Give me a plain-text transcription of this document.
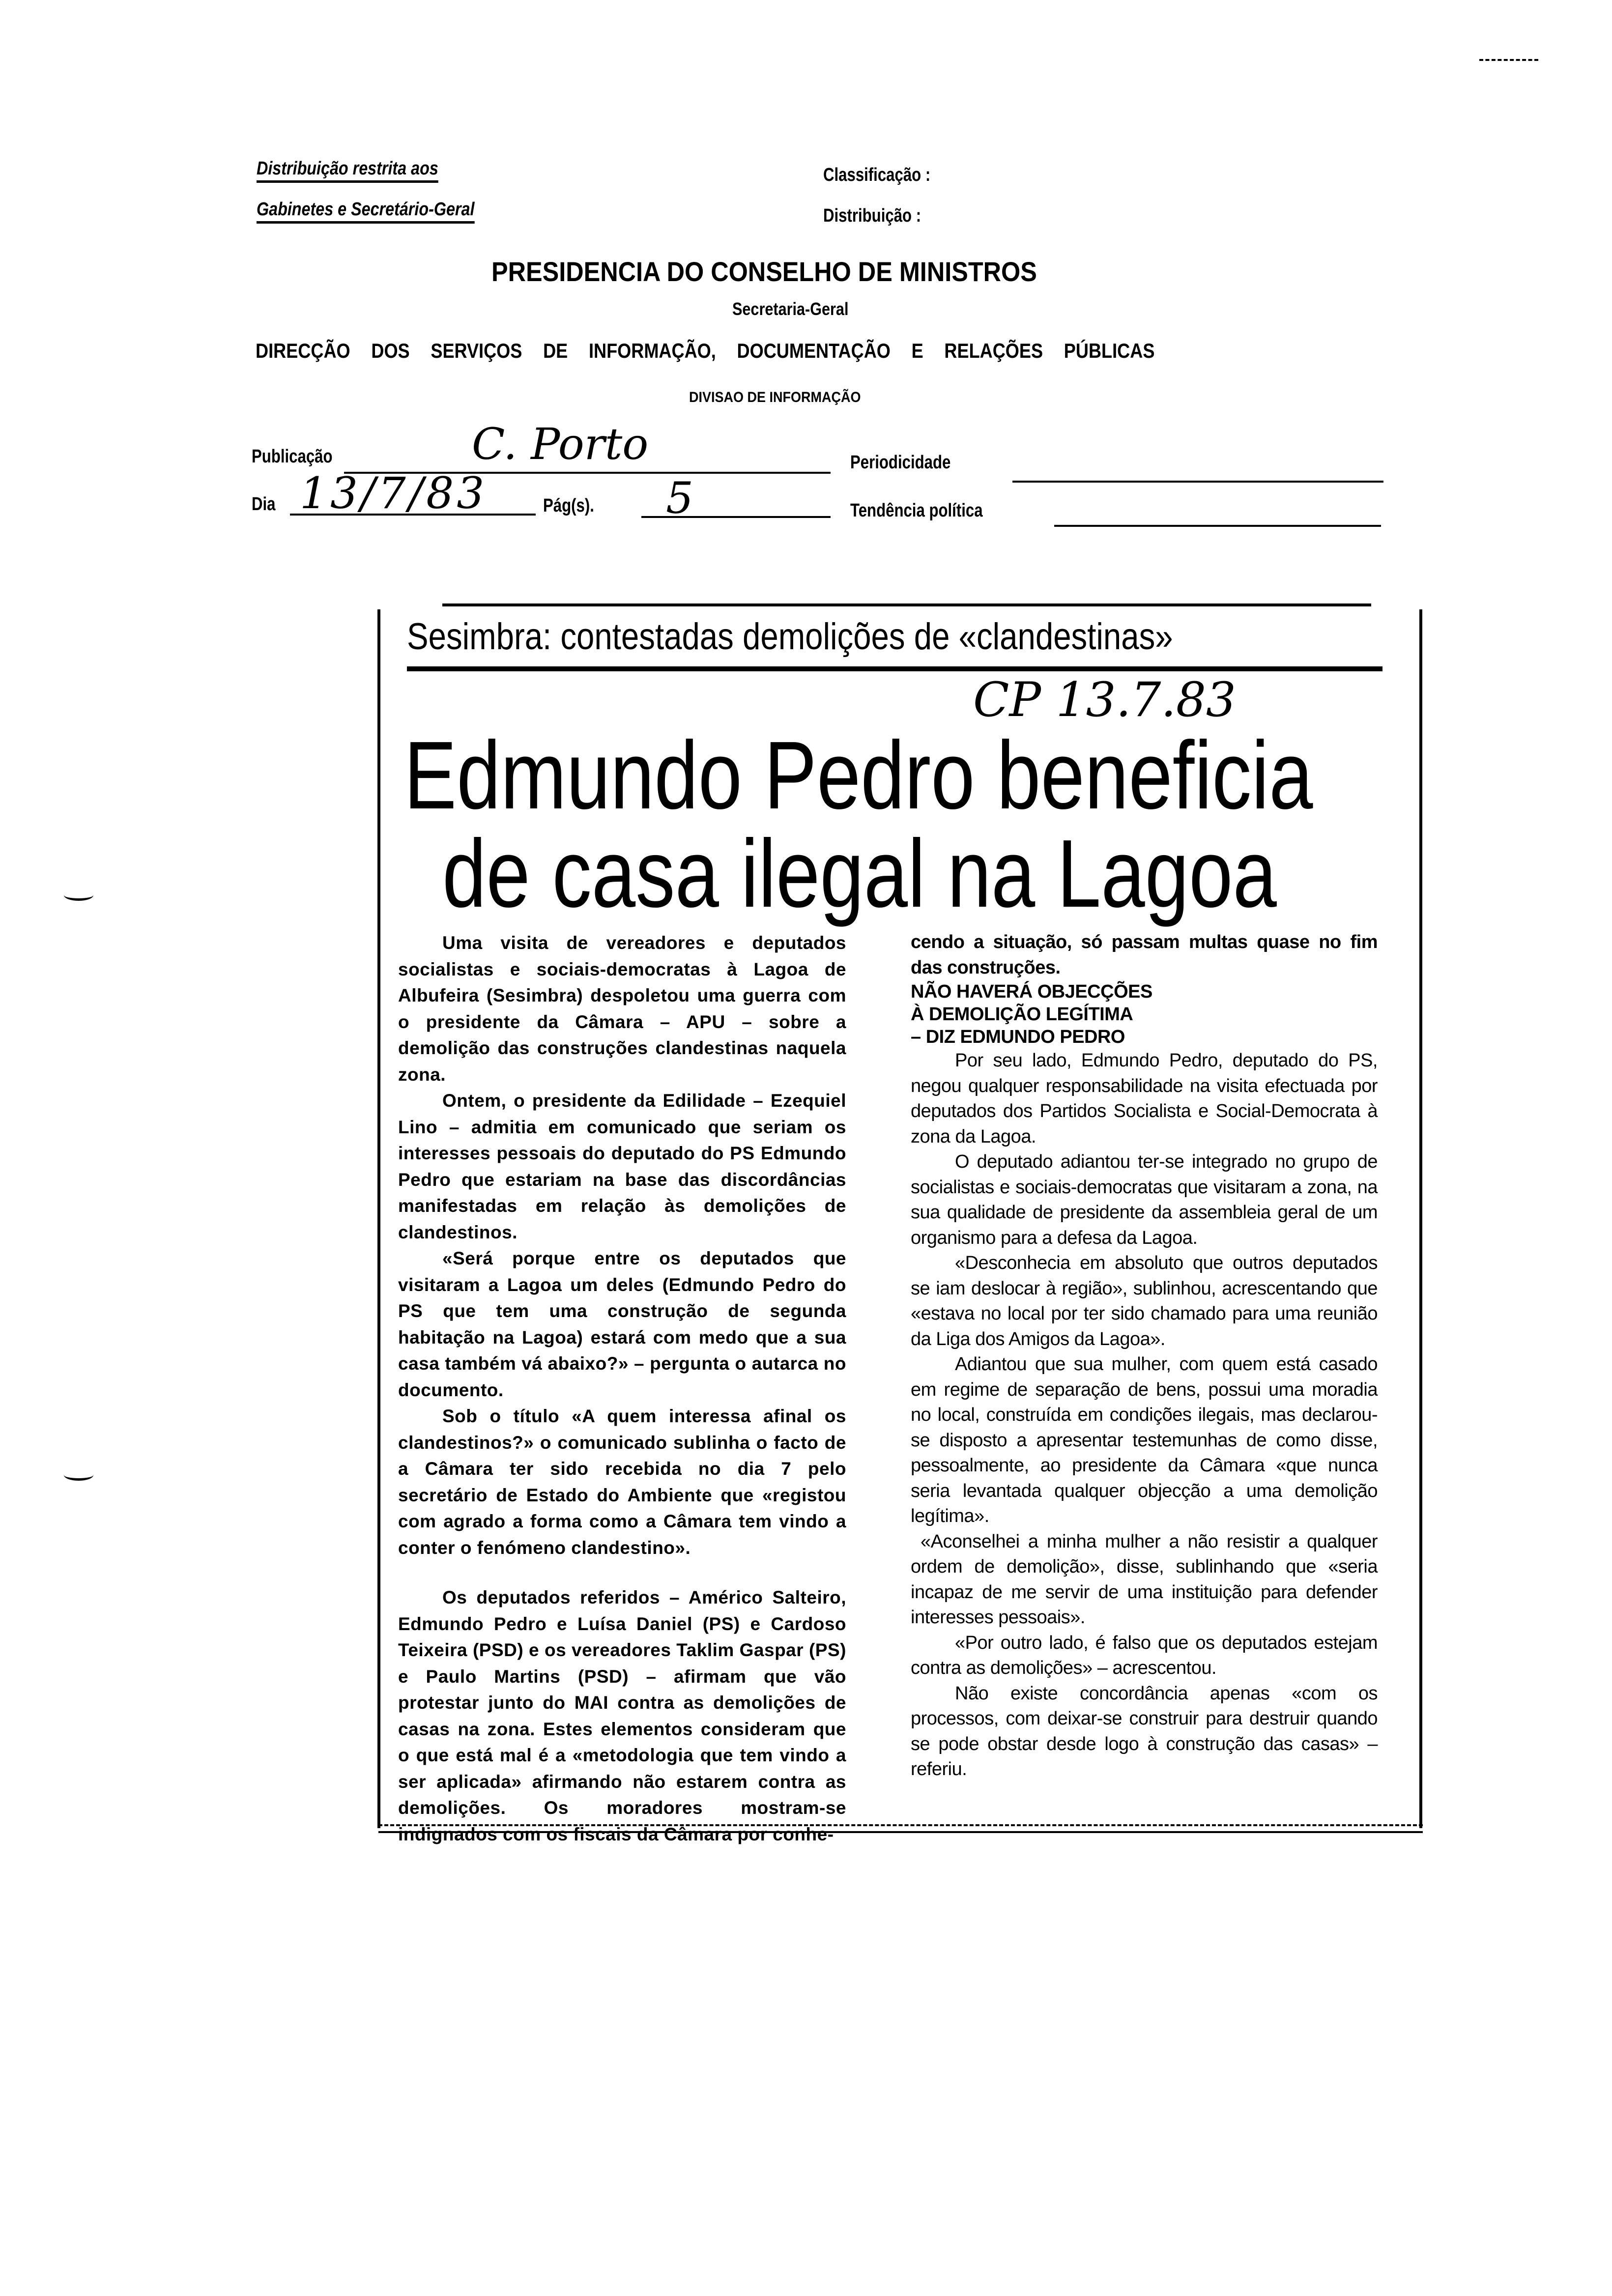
Distribuição restrita aos
Gabinetes e Secretário-Geral
Classificação :
Distribuição :
PRESIDENCIA DO CONSELHO DE MINISTROS
Secretaria-Geral
DIRECÇÃO DOS SERVIÇOS DE INFORMAÇÃO, DOCUMENTAÇÃO E RELAÇÕES PÚBLICAS
DIVISAO DE INFORMAÇÃO
Publicação	C. Porto	Periodicidade
Dia 13/7/83	Pág(s). 5	Tendência política
Sesimbra: contestadas demolições de «clandestinas»
CP 13.7.83
Edmundo Pedro beneficia
de casa ilegal na Lagoa

Uma visita de vereadores e deputados socialistas e sociais-democratas à Lagoa de Albufeira (Sesimbra) despoletou uma guerra com o presidente da Câmara – APU – sobre a demolição das construções clandestinas naquela zona.

Ontem, o presidente da Edilidade – Ezequiel Lino – admitia em comunicado que seriam os interesses pessoais do deputado do PS Edmundo Pedro que estariam na base das discordâncias manifestadas em relação às demolições de clandestinos.

«Será porque entre os deputados que visitaram a Lagoa um deles (Edmundo Pedro do PS que tem uma construção de segunda habitação na Lagoa) estará com medo que a sua casa também vá abaixo?» – pergunta o autarca no documento.

Sob o título «A quem interessa afinal os clandestinos?» o comunicado sublinha o facto de a Câmara ter sido recebida no dia 7 pelo secretário de Estado do Ambiente que «registou com agrado a forma como a Câmara tem vindo a conter o fenómeno clandestino».

Os deputados referidos – Américo Salteiro, Edmundo Pedro e Luísa Daniel (PS) e Cardoso Teixeira (PSD) e os vereadores Taklim Gaspar (PS) e Paulo Martins (PSD) – afirmam que vão protestar junto do MAI contra as demolições de casas na zona. Estes elementos consideram que o que está mal é a «metodologia que tem vindo a ser aplicada» afirmando não estarem contra as demolições. Os moradores mostram-se indignados com os fiscais da Câmara por conhe-

cendo a situação, só passam multas quase no fim das construções.

NÃO HAVERÁ OBJECÇÕES
À DEMOLIÇÃO LEGÍTIMA
– DIZ EDMUNDO PEDRO

Por seu lado, Edmundo Pedro, deputado do PS, negou qualquer responsabilidade na visita efectuada por deputados dos Partidos Socialista e Social-Democrata à zona da Lagoa.

O deputado adiantou ter-se integrado no grupo de socialistas e sociais-democratas que visitaram a zona, na sua qualidade de presidente da assembleia geral de um organismo para a defesa da Lagoa.

«Desconhecia em absoluto que outros deputados se iam deslocar à região», sublinhou, acrescentando que «estava no local por ter sido chamado para uma reunião da Liga dos Amigos da Lagoa».

Adiantou que sua mulher, com quem está casado em regime de separação de bens, possui uma moradia no local, construída em condições ilegais, mas declarou-se disposto a apresentar testemunhas de como disse, pessoalmente, ao presidente da Câmara «que nunca seria levantada qualquer objecção a uma demolição legítima».

«Aconselhei a minha mulher a não resistir a qualquer ordem de demolição», disse, sublinhando que «seria incapaz de me servir de uma instituição para defender interesses pessoais».

«Por outro lado, é falso que os deputados estejam contra as demolições» – acrescentou.

Não existe concordância apenas «com os processos, com deixar-se construir para destruir quando se pode obstar desde logo à construção das casas» – referiu.
